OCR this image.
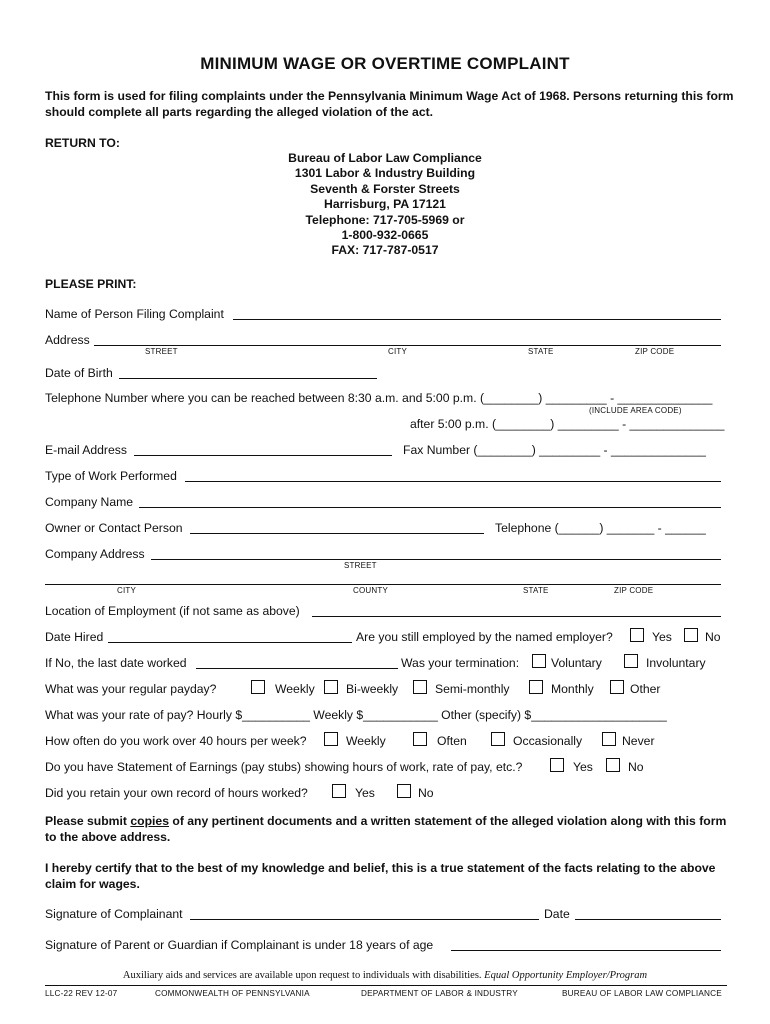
MINIMUM WAGE OR OVERTIME COMPLAINT
This form is used for filing complaints under the Pennsylvania Minimum Wage Act of 1968. Persons returning this form should complete all parts regarding the alleged violation of the act.
RETURN TO:
Bureau of Labor Law Compliance
1301 Labor & Industry Building
Seventh & Forster Streets
Harrisburg, PA 17121
Telephone: 717-705-5969 or
1-800-932-0665
FAX: 717-787-0517
PLEASE PRINT:
Name of Person Filing Complaint
Address
STREET	CITY	STATE	ZIP CODE
Date of Birth
Telephone Number where you can be reached between 8:30 a.m. and 5:00 p.m. (________) _________ - ______________
(INCLUDE AREA CODE)
after 5:00 p.m. (________) _________ - ______________
E-mail Address	Fax Number (________) _________ - ______________
Type of Work Performed
Company Name
Owner or Contact Person	Telephone (______) _______ - ______
Company Address
STREET
CITY	COUNTY	STATE	ZIP CODE
Location of Employment (if not same as above)
Date Hired	Are you still employed by the named employer?	Yes	No
If No, the last date worked	Was your termination:	Voluntary	Involuntary
What was your regular payday?	Weekly	Bi-weekly	Semi-monthly	Monthly	Other
What was your rate of pay? Hourly $__________ Weekly $___________ Other (specify) $____________________
How often do you work over 40 hours per week?	Weekly	Often	Occasionally	Never
Do you have Statement of Earnings (pay stubs) showing hours of work, rate of pay, etc.?	Yes	No
Did you retain your own record of hours worked?	Yes	No
Please submit copies of any pertinent documents and a written statement of the alleged violation along with this form to the above address.
I hereby certify that to the best of my knowledge and belief, this is a true statement of the facts relating to the above claim for wages.
Signature of Complainant	Date
Signature of Parent or Guardian if Complainant is under 18 years of age
Auxiliary aids and services are available upon request to individuals with disabilities. Equal Opportunity Employer/Program
LLC-22 REV 12-07	COMMONWEALTH OF PENNSYLVANIA	DEPARTMENT OF LABOR & INDUSTRY	BUREAU OF LABOR LAW COMPLIANCE
